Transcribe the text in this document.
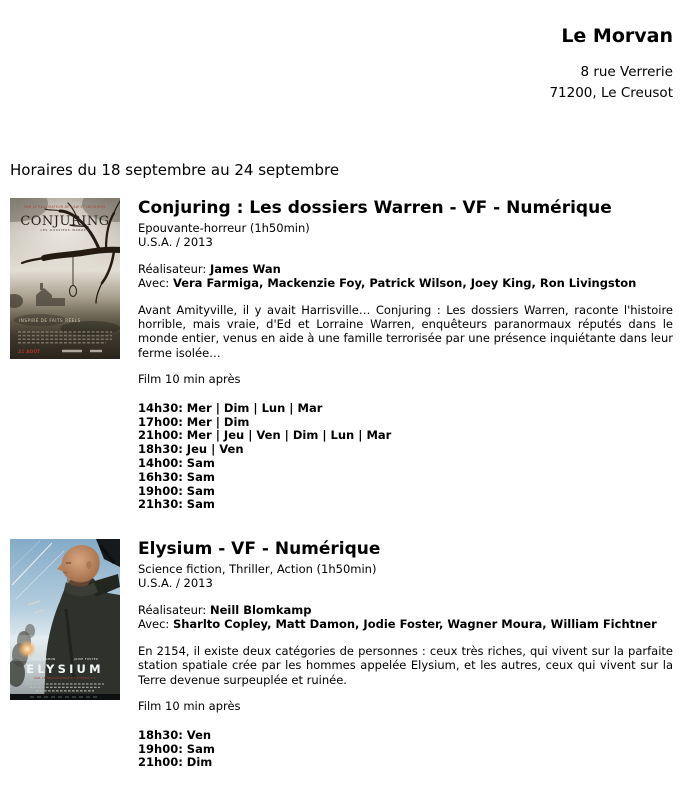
Le Morvan
8 rue Verrerie
71200, Le Creusot
Horaires du 18 septembre au 24 septembre
PAR LE RÉALISATEUR DE SAW ET INSIDIOUS
CONJURING
LES DOSSIERS WARREN
INSPIRÉ DE FAITS RÉELS
21 AOÛT
Conjuring : Les dossiers Warren - VF - Numérique
Epouvante-horreur (1h50min)
U.S.A. / 2013
Réalisateur: James Wan
Avec: Vera Farmiga, Mackenzie Foy, Patrick Wilson, Joey King, Ron Livingston

Avant Amityville, il y avait Harrisville… Conjuring : Les dossiers Warren, raconte l'histoire horrible, mais vraie, d'Ed et Lorraine Warren, enquêteurs paranormaux réputés dans le monde entier, venus en aide à une famille terrorisée par une présence inquiétante dans leur ferme isolée…

Film 10 min après
14h30: Mer | Dim | Lun | Mar
17h00: Mer | Dim
21h00: Mer | Jeu | Ven | Dim | Lun | Mar
18h30: Jeu | Ven
14h00: Sam
16h30: Sam
19h00: Sam
21h30: Sam
MATT DAMON	JODIE FOSTER
ELYSIUM
PAR LE RÉALISATEUR DE DISTRICT 9
Elysium - VF - Numérique
Science fiction, Thriller, Action (1h50min)
U.S.A. / 2013
Réalisateur: Neill Blomkamp
Avec: Sharlto Copley, Matt Damon, Jodie Foster, Wagner Moura, William Fichtner

En 2154, il existe deux catégories de personnes : ceux très riches, qui vivent sur la parfaite station spatiale crée par les hommes appelée Elysium, et les autres, ceux qui vivent sur la Terre devenue surpeuplée et ruinée.

Film 10 min après
18h30: Ven
19h00: Sam
21h00: Dim
